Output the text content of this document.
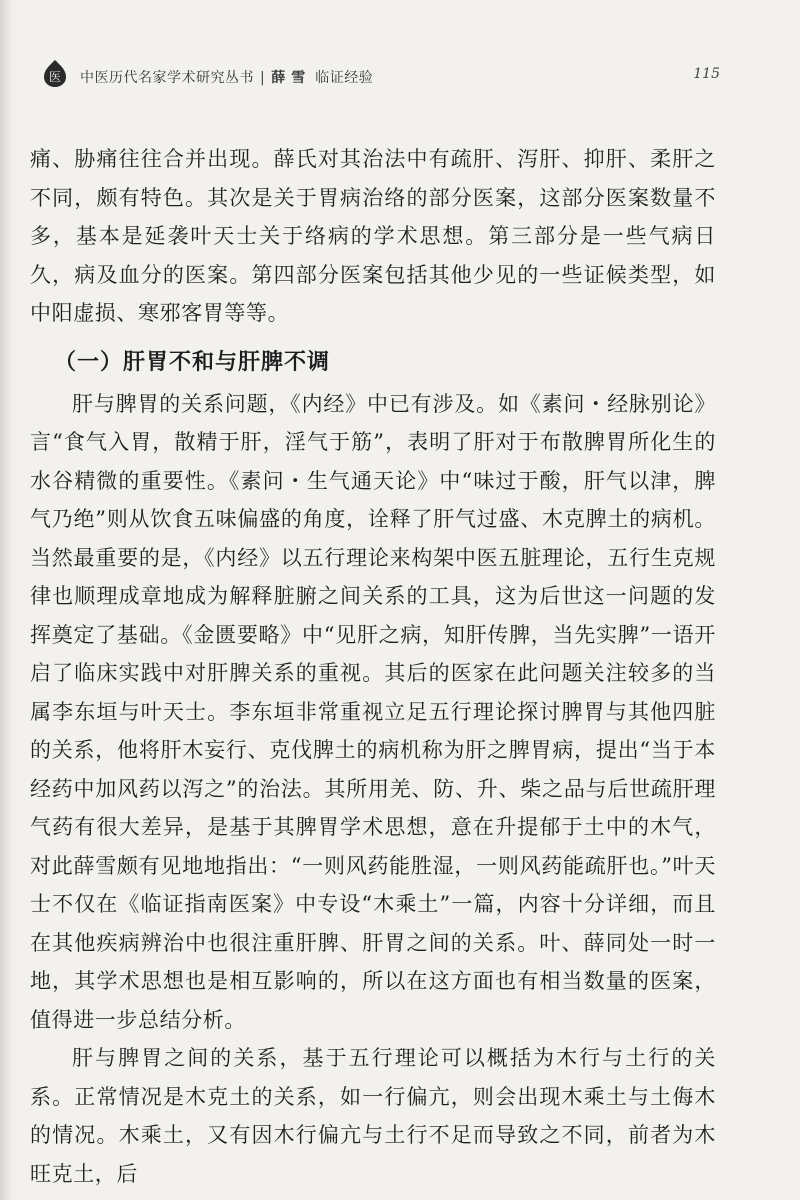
医 中医历代名家学术研究丛书 | 薛雪 临证经验	115

痛、胁痛往往合并出现。薛氏对其治法中有疏肝、泻肝、抑肝、柔肝之不同，颇有特色。其次是关于胃病治络的部分医案，这部分医案数量不多，基本是延袭叶天士关于络病的学术思想。第三部分是一些气病日久，病及血分的医案。第四部分医案包括其他少见的一些证候类型，如中阳虚损、寒邪客胃等等。

（一）肝胃不和与肝脾不调

肝与脾胃的关系问题，《内经》中已有涉及。如《素问・经脉别论》言“食气入胃，散精于肝，淫气于筋”，表明了肝对于布散脾胃所化生的水谷精微的重要性。《素问・生气通天论》中“味过于酸，肝气以津，脾气乃绝”则从饮食五味偏盛的角度，诠释了肝气过盛、木克脾土的病机。当然最重要的是，《内经》以五行理论来构架中医五脏理论，五行生克规律也顺理成章地成为解释脏腑之间关系的工具，这为后世这一问题的发挥奠定了基础。《金匮要略》中“见肝之病，知肝传脾，当先实脾”一语开启了临床实践中对肝脾关系的重视。其后的医家在此问题关注较多的当属李东垣与叶天士。李东垣非常重视立足五行理论探讨脾胃与其他四脏的关系，他将肝木妄行、克伐脾土的病机称为肝之脾胃病，提出“当于本经药中加风药以泻之”的治法。其所用羌、防、升、柴之品与后世疏肝理气药有很大差异，是基于其脾胃学术思想，意在升提郁于土中的木气，对此薛雪颇有见地地指出：“一则风药能胜湿，一则风药能疏肝也。”叶天士不仅在《临证指南医案》中专设“木乘土”一篇，内容十分详细，而且在其他疾病辨治中也很注重肝脾、肝胃之间的关系。叶、薛同处一时一地，其学术思想也是相互影响的，所以在这方面也有相当数量的医案，值得进一步总结分析。

肝与脾胃之间的关系，基于五行理论可以概括为木行与土行的关系。正常情况是木克土的关系，如一行偏亢，则会出现木乘土与土侮木的情况。木乘土，又有因木行偏亢与土行不足而导致之不同，前者为木旺克土，后
